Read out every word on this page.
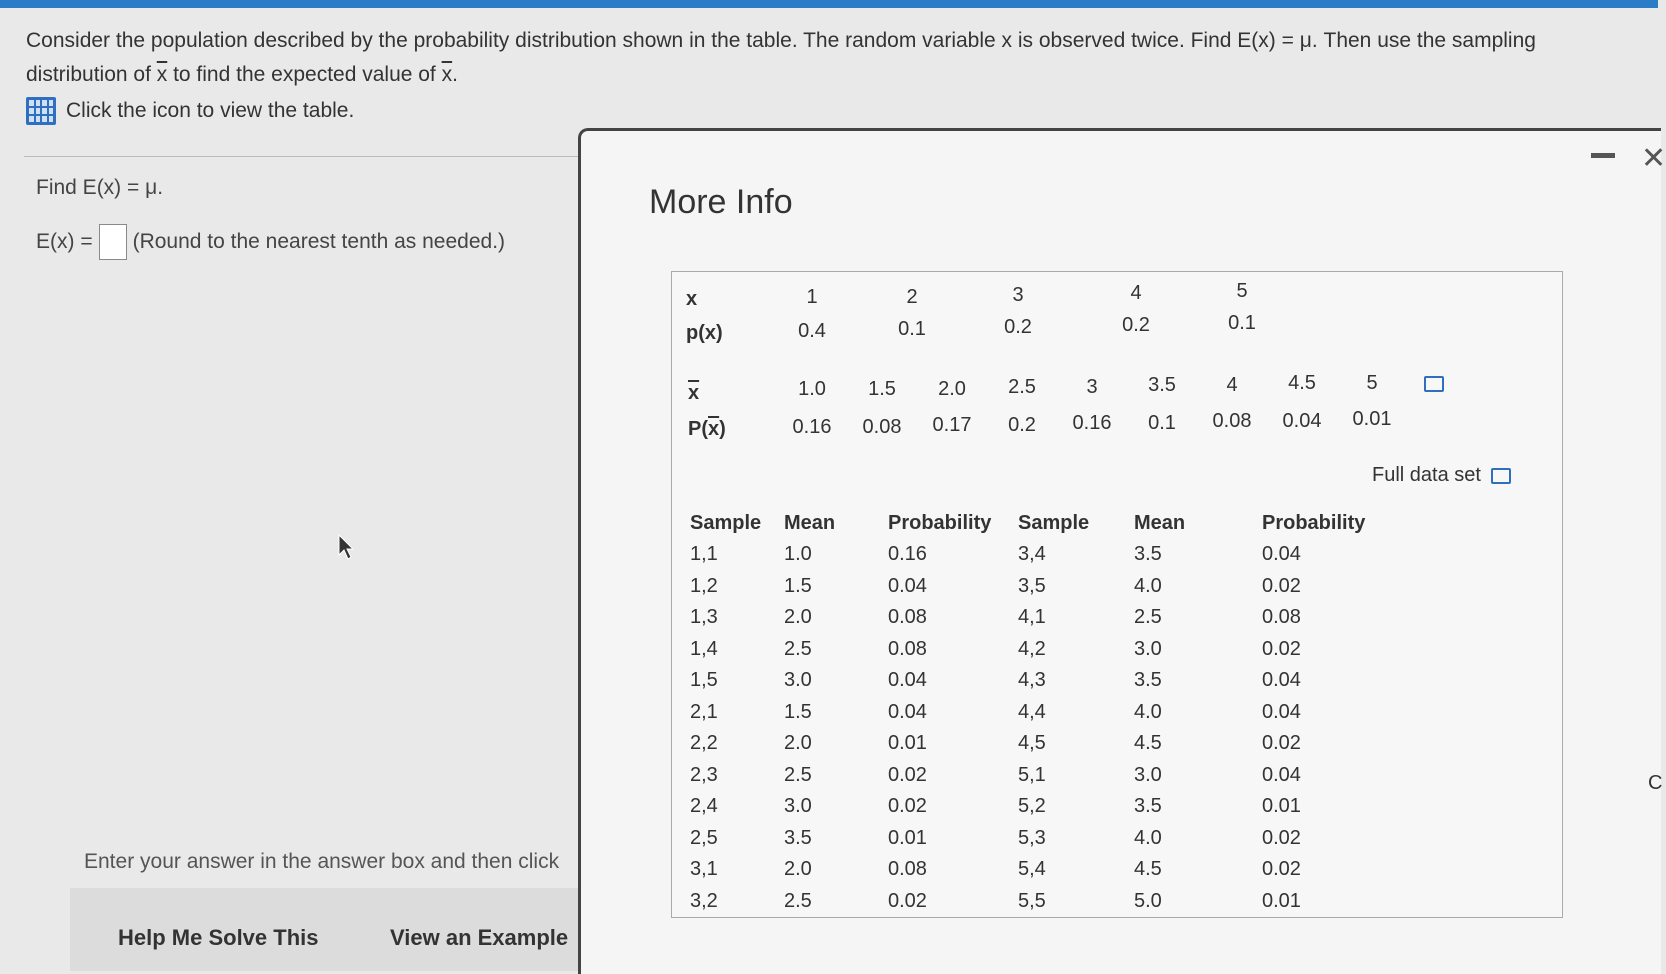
Consider the population described by the probability distribution shown in the table. The random variable x is observed twice. Find E(x) = μ. Then use the sampling distribution of $\overline{x}$ to find the expected value of $\overline{x}$.
Click the icon to view the table.
Find E(x) = μ.
E(x) = (Round to the nearest tenth as needed.)
Enter your answer in the answer box and then click
Help Me Solve This	View an Example
More Info
✕
x
p(x)
1	2	3	4	5
0.4	0.1	0.2	0.2	0.1
$\overline{x}$
$P(\overline{x})$
1.0 1.5 2.0 2.5	3	3.5	4	4.5	5
0.16 0.08 0.17 0.2 0.16 0.1 0.08 0.04 0.01
Full data set
Sample	Mean	Probability	Sample	Mean	Probability
1,1	1.0	0.16	3,4	3.5	0.04
1,2	1.5	0.04	3,5	4.0	0.02
1,3	2.0	0.08	4,1	2.5	0.08
1,4	2.5	0.08	4,2	3.0	0.02
1,5	3.0	0.04	4,3	3.5	0.04
2,1	1.5	0.04	4,4	4.0	0.04
2,2	2.0	0.01	4,5	4.5	0.02
2,3	2.5	0.02	5,1	3.0	0.04
2,4	3.0	0.02	5,2	3.5	0.01
2,5	3.5	0.01	5,3	4.0	0.02
3,1	2.0	0.08	5,4	4.5	0.02
3,2	2.5	0.02	5,5	5.0	0.01
C
